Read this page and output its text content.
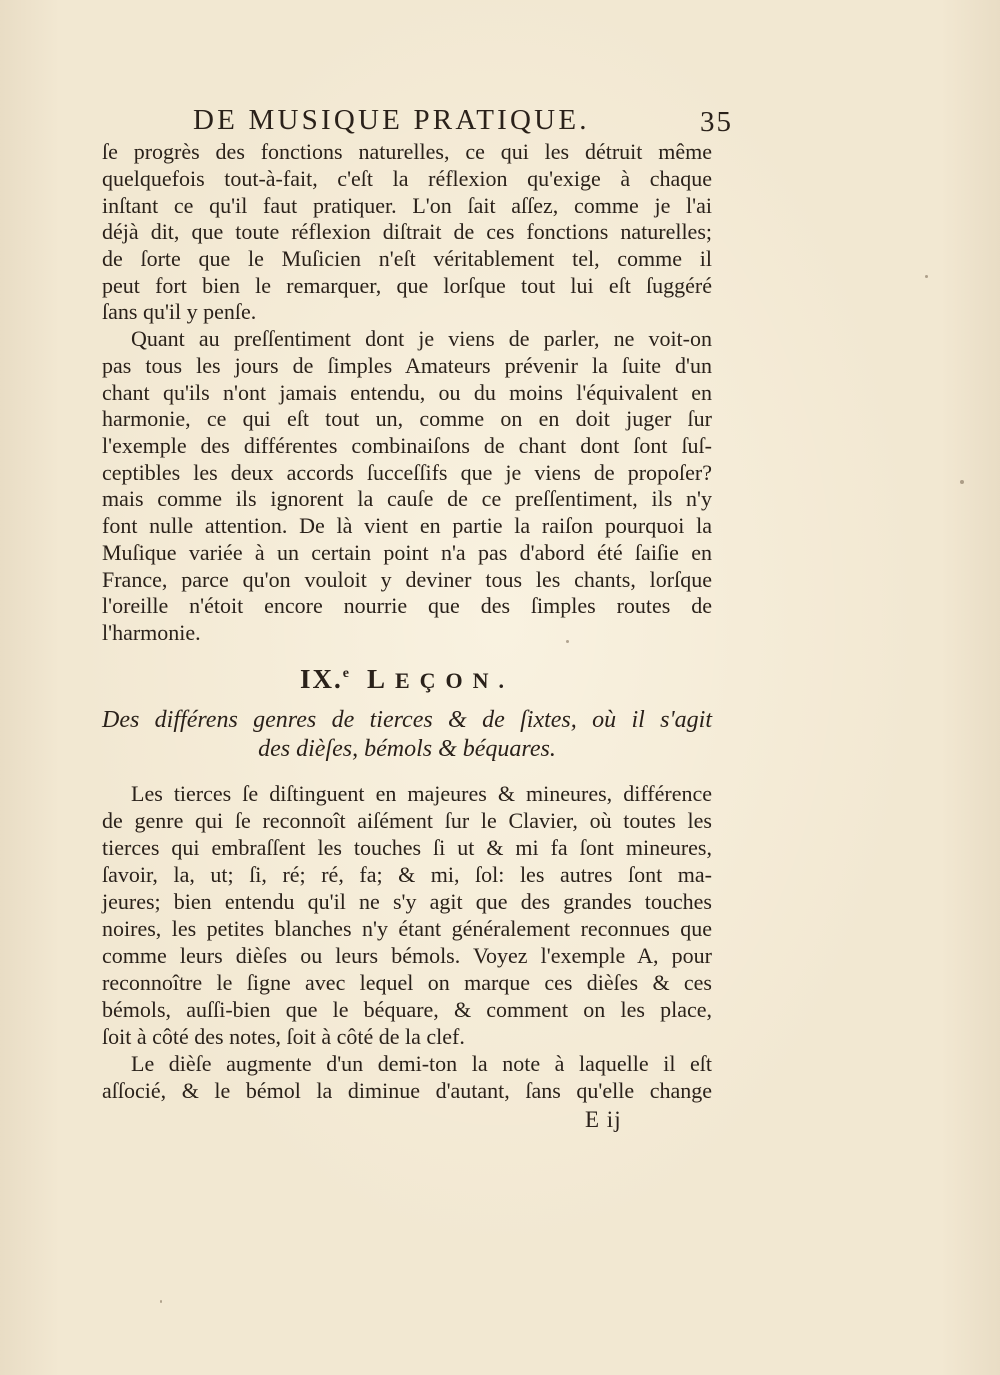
DE MUSIQUE PRATIQUE.	35
ſe progrès des fonctions naturelles, ce qui les détruit même
quelquefois tout-à-fait, c'eſt la réflexion qu'exige à chaque
inſtant ce qu'il faut pratiquer. L'on ſait aſſez, comme je l'ai
déjà dit, que toute réflexion diſtrait de ces fonctions naturelles;
de ſorte que le Muſicien n'eſt véritablement tel, comme il
peut fort bien le remarquer, que lorſque tout lui eſt ſuggéré
ſans qu'il y penſe.
Quant au preſſentiment dont je viens de parler, ne voit-on
pas tous les jours de ſimples Amateurs prévenir la ſuite d'un
chant qu'ils n'ont jamais entendu, ou du moins l'équivalent en
harmonie, ce qui eſt tout un, comme on en doit juger ſur
l'exemple des différentes combinaiſons de chant dont ſont ſuſ-
ceptibles les deux accords ſucceſſifs que je viens de propoſer?
mais comme ils ignorent la cauſe de ce preſſentiment, ils n'y
font nulle attention. De là vient en partie la raiſon pourquoi la
Muſique variée à un certain point n'a pas d'abord été ſaiſie en
France, parce qu'on vouloit y deviner tous les chants, lorſque
l'oreille n'étoit encore nourrie que des ſimples routes de
l'harmonie.
IX.$^e$ LEÇON.
Des différens genres de tierces & de ſixtes, où il s'agit
des dièſes, bémols & béquares.
Les tierces ſe diſtinguent en majeures & mineures, différence
de genre qui ſe reconnoît aiſément ſur le Clavier, où toutes les
tierces qui embraſſent les touches ſi ut & mi fa ſont mineures,
ſavoir, la, ut; ſi, ré; ré, fa; & mi, ſol: les autres ſont ma-
jeures; bien entendu qu'il ne s'y agit que des grandes touches
noires, les petites blanches n'y étant généralement reconnues que
comme leurs dièſes ou leurs bémols. Voyez l'exemple A, pour
reconnoître le ſigne avec lequel on marque ces dièſes & ces
bémols, auſſi-bien que le béquare, & comment on les place,
ſoit à côté des notes, ſoit à côté de la clef.
Le dièſe augmente d'un demi-ton la note à laquelle il eſt
aſſocié, & le bémol la diminue d'autant, ſans qu'elle change
E ij
